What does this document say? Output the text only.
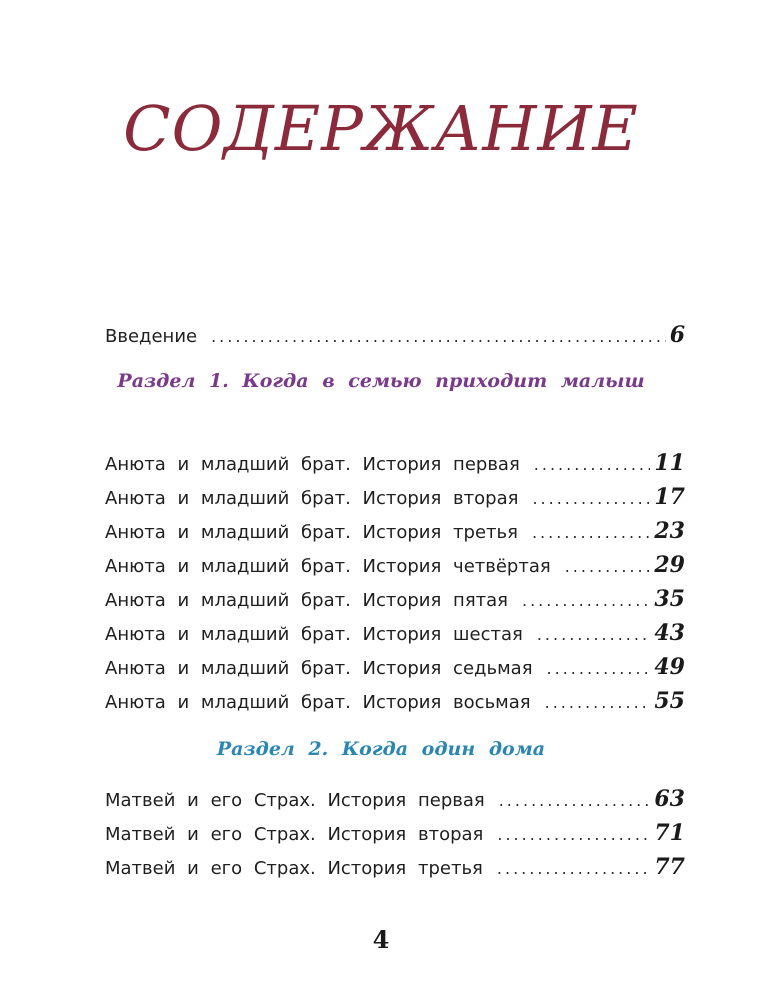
СОДЕРЖАНИЕ
Введение .....	6
Раздел 1. Когда в семью приходит малыш
Анюта и младший брат. История первая .....	11
Анюта и младший брат. История вторая .....	17
Анюта и младший брат. История третья .....	23
Анюта и младший брат. История четвёртая .....	29
Анюта и младший брат. История пятая .....	35
Анюта и младший брат. История шестая .....	43
Анюта и младший брат. История седьмая .....	49
Анюта и младший брат. История восьмая .....	55
Раздел 2. Когда один дома
Матвей и его Страх. История первая .....	63
Матвей и его Страх. История вторая .....	71
Матвей и его Страх. История третья .....	77
4
